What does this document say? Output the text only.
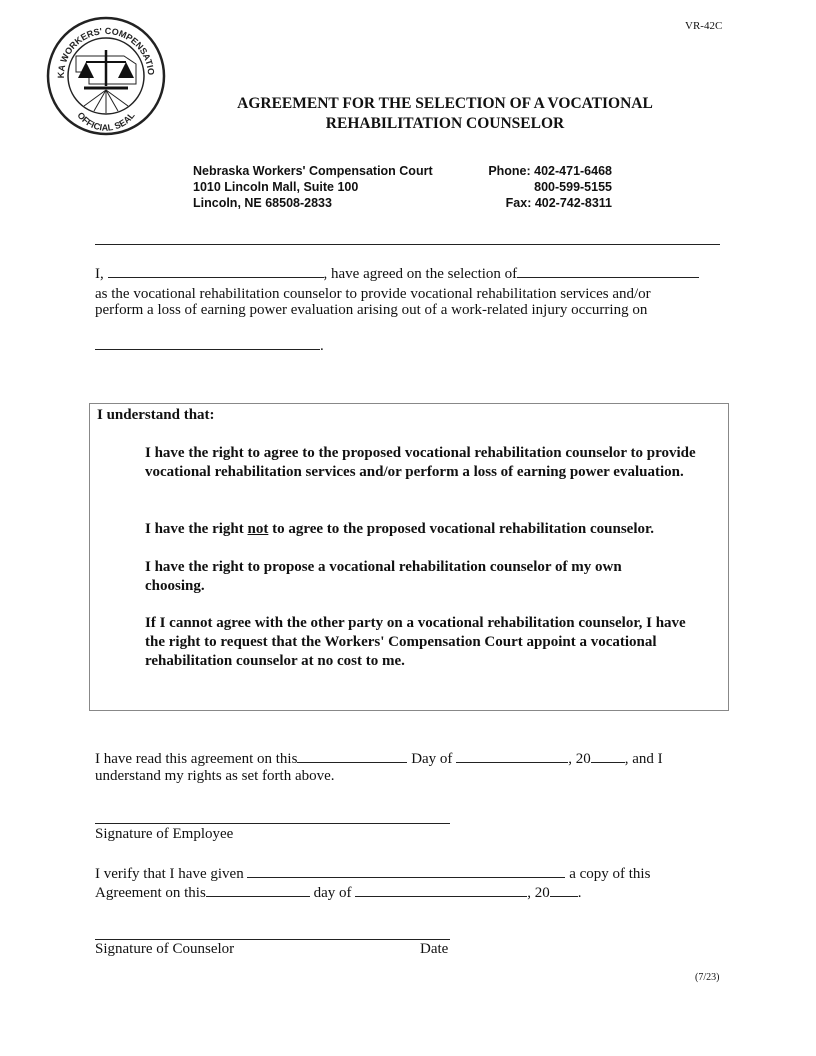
VR-42C
KA WORKERS' COMPENSATIO
OFFICIAL SEAL
AGREEMENT FOR THE SELECTION OF A VOCATIONAL
REHABILITATION COUNSELOR
Nebraska Workers' Compensation Court
1010 Lincoln Mall, Suite 100
Lincoln, NE 68508-2833
Phone: 402-471-6468
800-599-5155
Fax: 402-742-8311
I,	, have agreed on the selection of
as the vocational rehabilitation counselor to provide vocational rehabilitation services and/or
perform a loss of earning power evaluation arising out of a work-related injury occurring on
.
I understand that:
I have the right to agree to the proposed vocational rehabilitation counselor to provide vocational rehabilitation services and/or perform a loss of earning power evaluation.
I have the right not to agree to the proposed vocational rehabilitation counselor.
I have the right to propose a vocational rehabilitation counselor of my own choosing.
If I cannot agree with the other party on a vocational rehabilitation counselor, I have the right to request that the Workers' Compensation Court appoint a vocational rehabilitation counselor at no cost to me.
I have read this agreement on this	Day of	, 20 , and I
understand my rights as set forth above.
Signature of Employee
I verify that I have given	a copy of this
Agreement on this	day of	, 20 .
Signature of Counselor	Date
(7/23)
